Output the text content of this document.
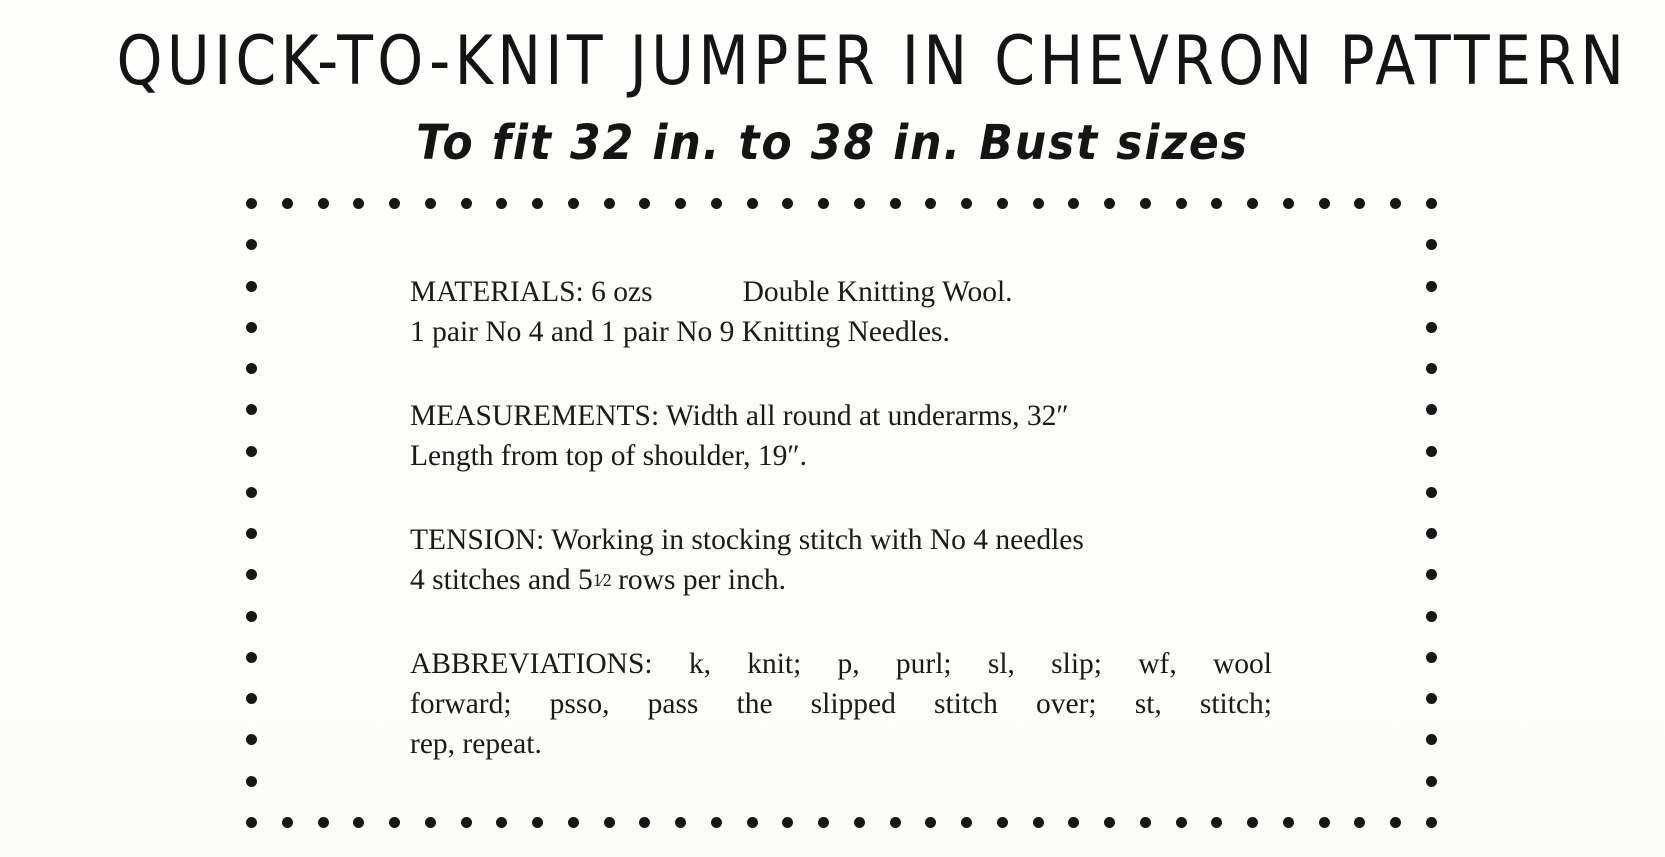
QUICK-TO-KNIT JUMPER IN CHEVRON PATTERN
To fit 32 in. to 38 in. Bust sizes
MATERIALS: 6 ozs	Double Knitting Wool.
1 pair No 4 and 1 pair No 9 Knitting Needles.
MEASUREMENTS: Width all round at underarms, 32″
Length from top of shoulder, 19″.
TENSION: Working in stocking stitch with No 4 needles
4 stitches and 51⁄2 rows per inch.
ABBREVIATIONS: k, knit; p, purl; sl, slip; wf, wool
forward; psso, pass the slipped stitch over; st, stitch;
rep, repeat.
